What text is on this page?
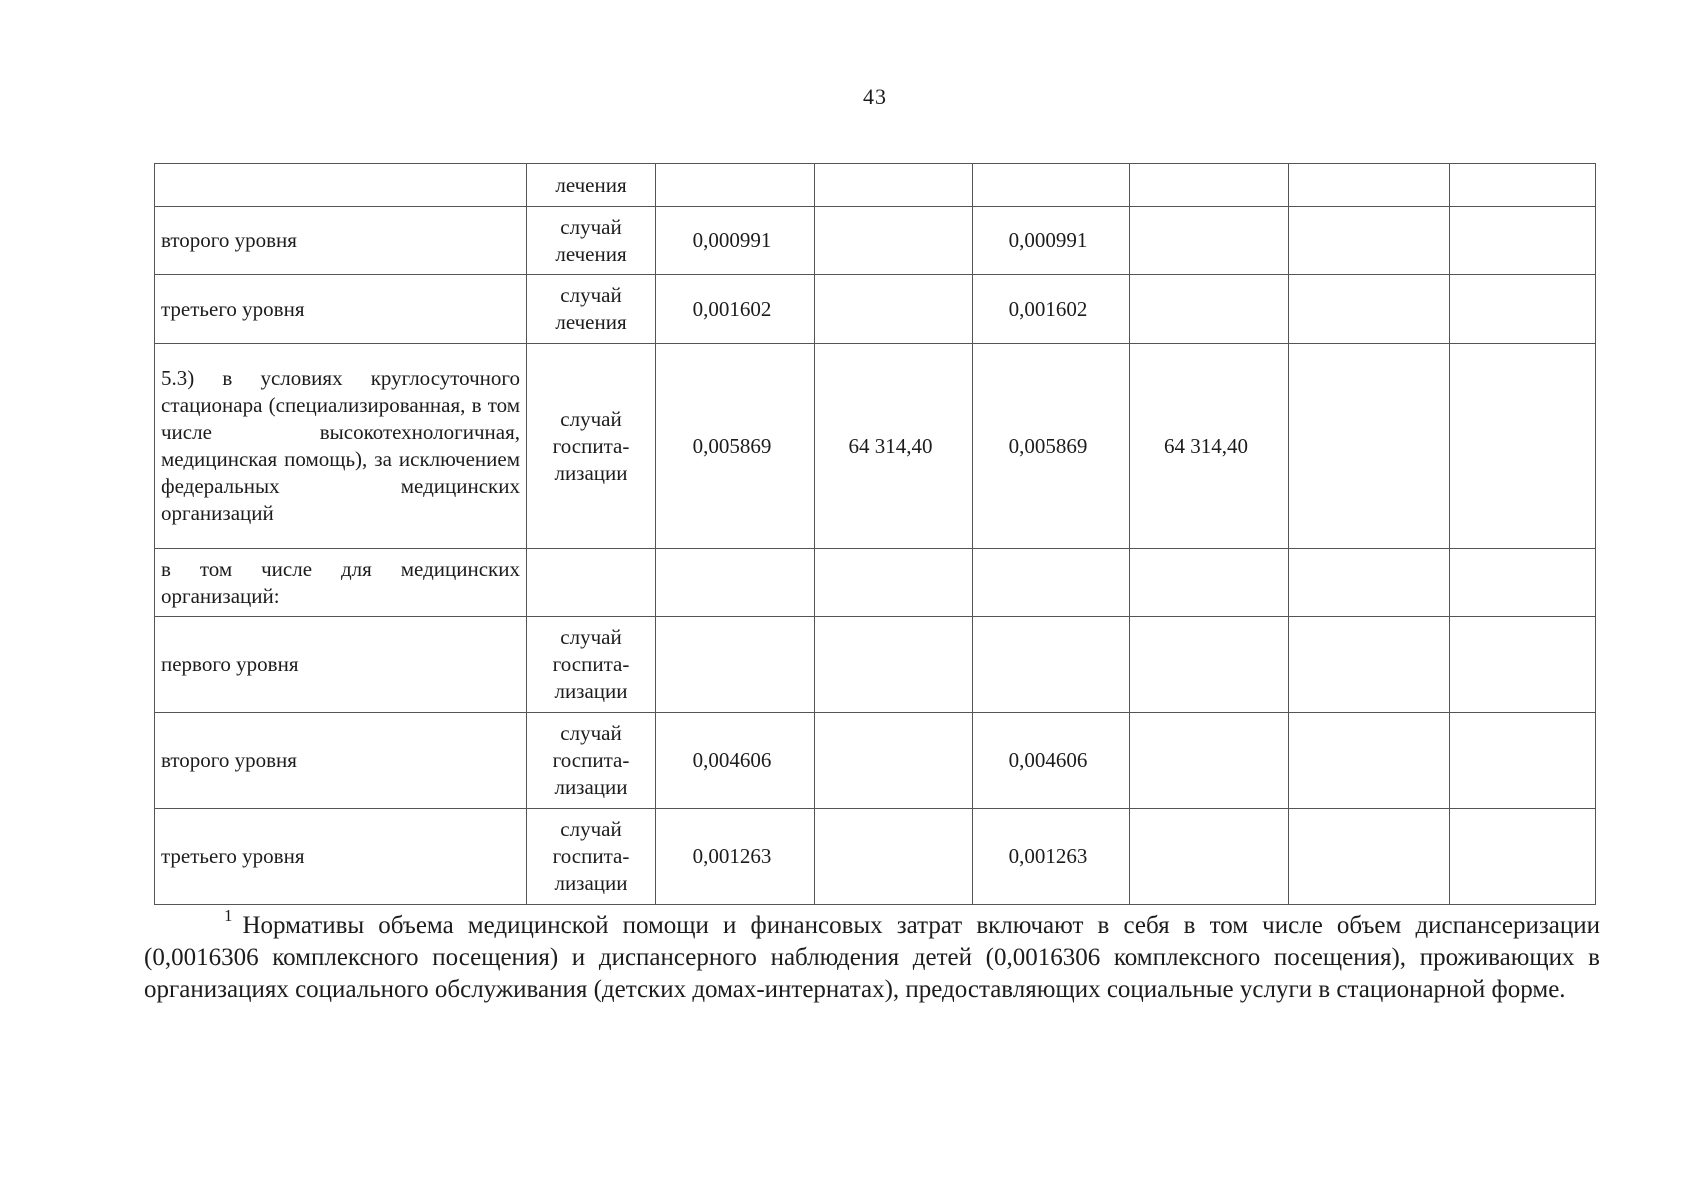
43
	лечения						
второго уровня	случай лечения	0,000991		0,000991			
третьего уровня	случай лечения	0,001602		0,001602			
5.3) в условиях круглосуточного стационара (специализированная, в том числе высокотехнологичная, медицинская помощь), за исключением федеральных медицинских организаций	случай госпита-лизации	0,005869	64 314,40	0,005869	64 314,40		
в том числе для медицинских организаций:							
первого уровня	случай госпита-лизации						
второго уровня	случай госпита-лизации	0,004606		0,004606			
третьего уровня	случай госпита-лизации	0,001263		0,001263			
$^1$ Нормативы объема медицинской помощи и финансовых затрат включают в себя в том числе объем диспансеризации (0,0016306 комплексного посещения) и диспансерного наблюдения детей (0,0016306 комплексного посещения), проживающих в организациях социального обслуживания (детских домах-интернатах), предоставляющих социальные услуги в стационарной форме.
